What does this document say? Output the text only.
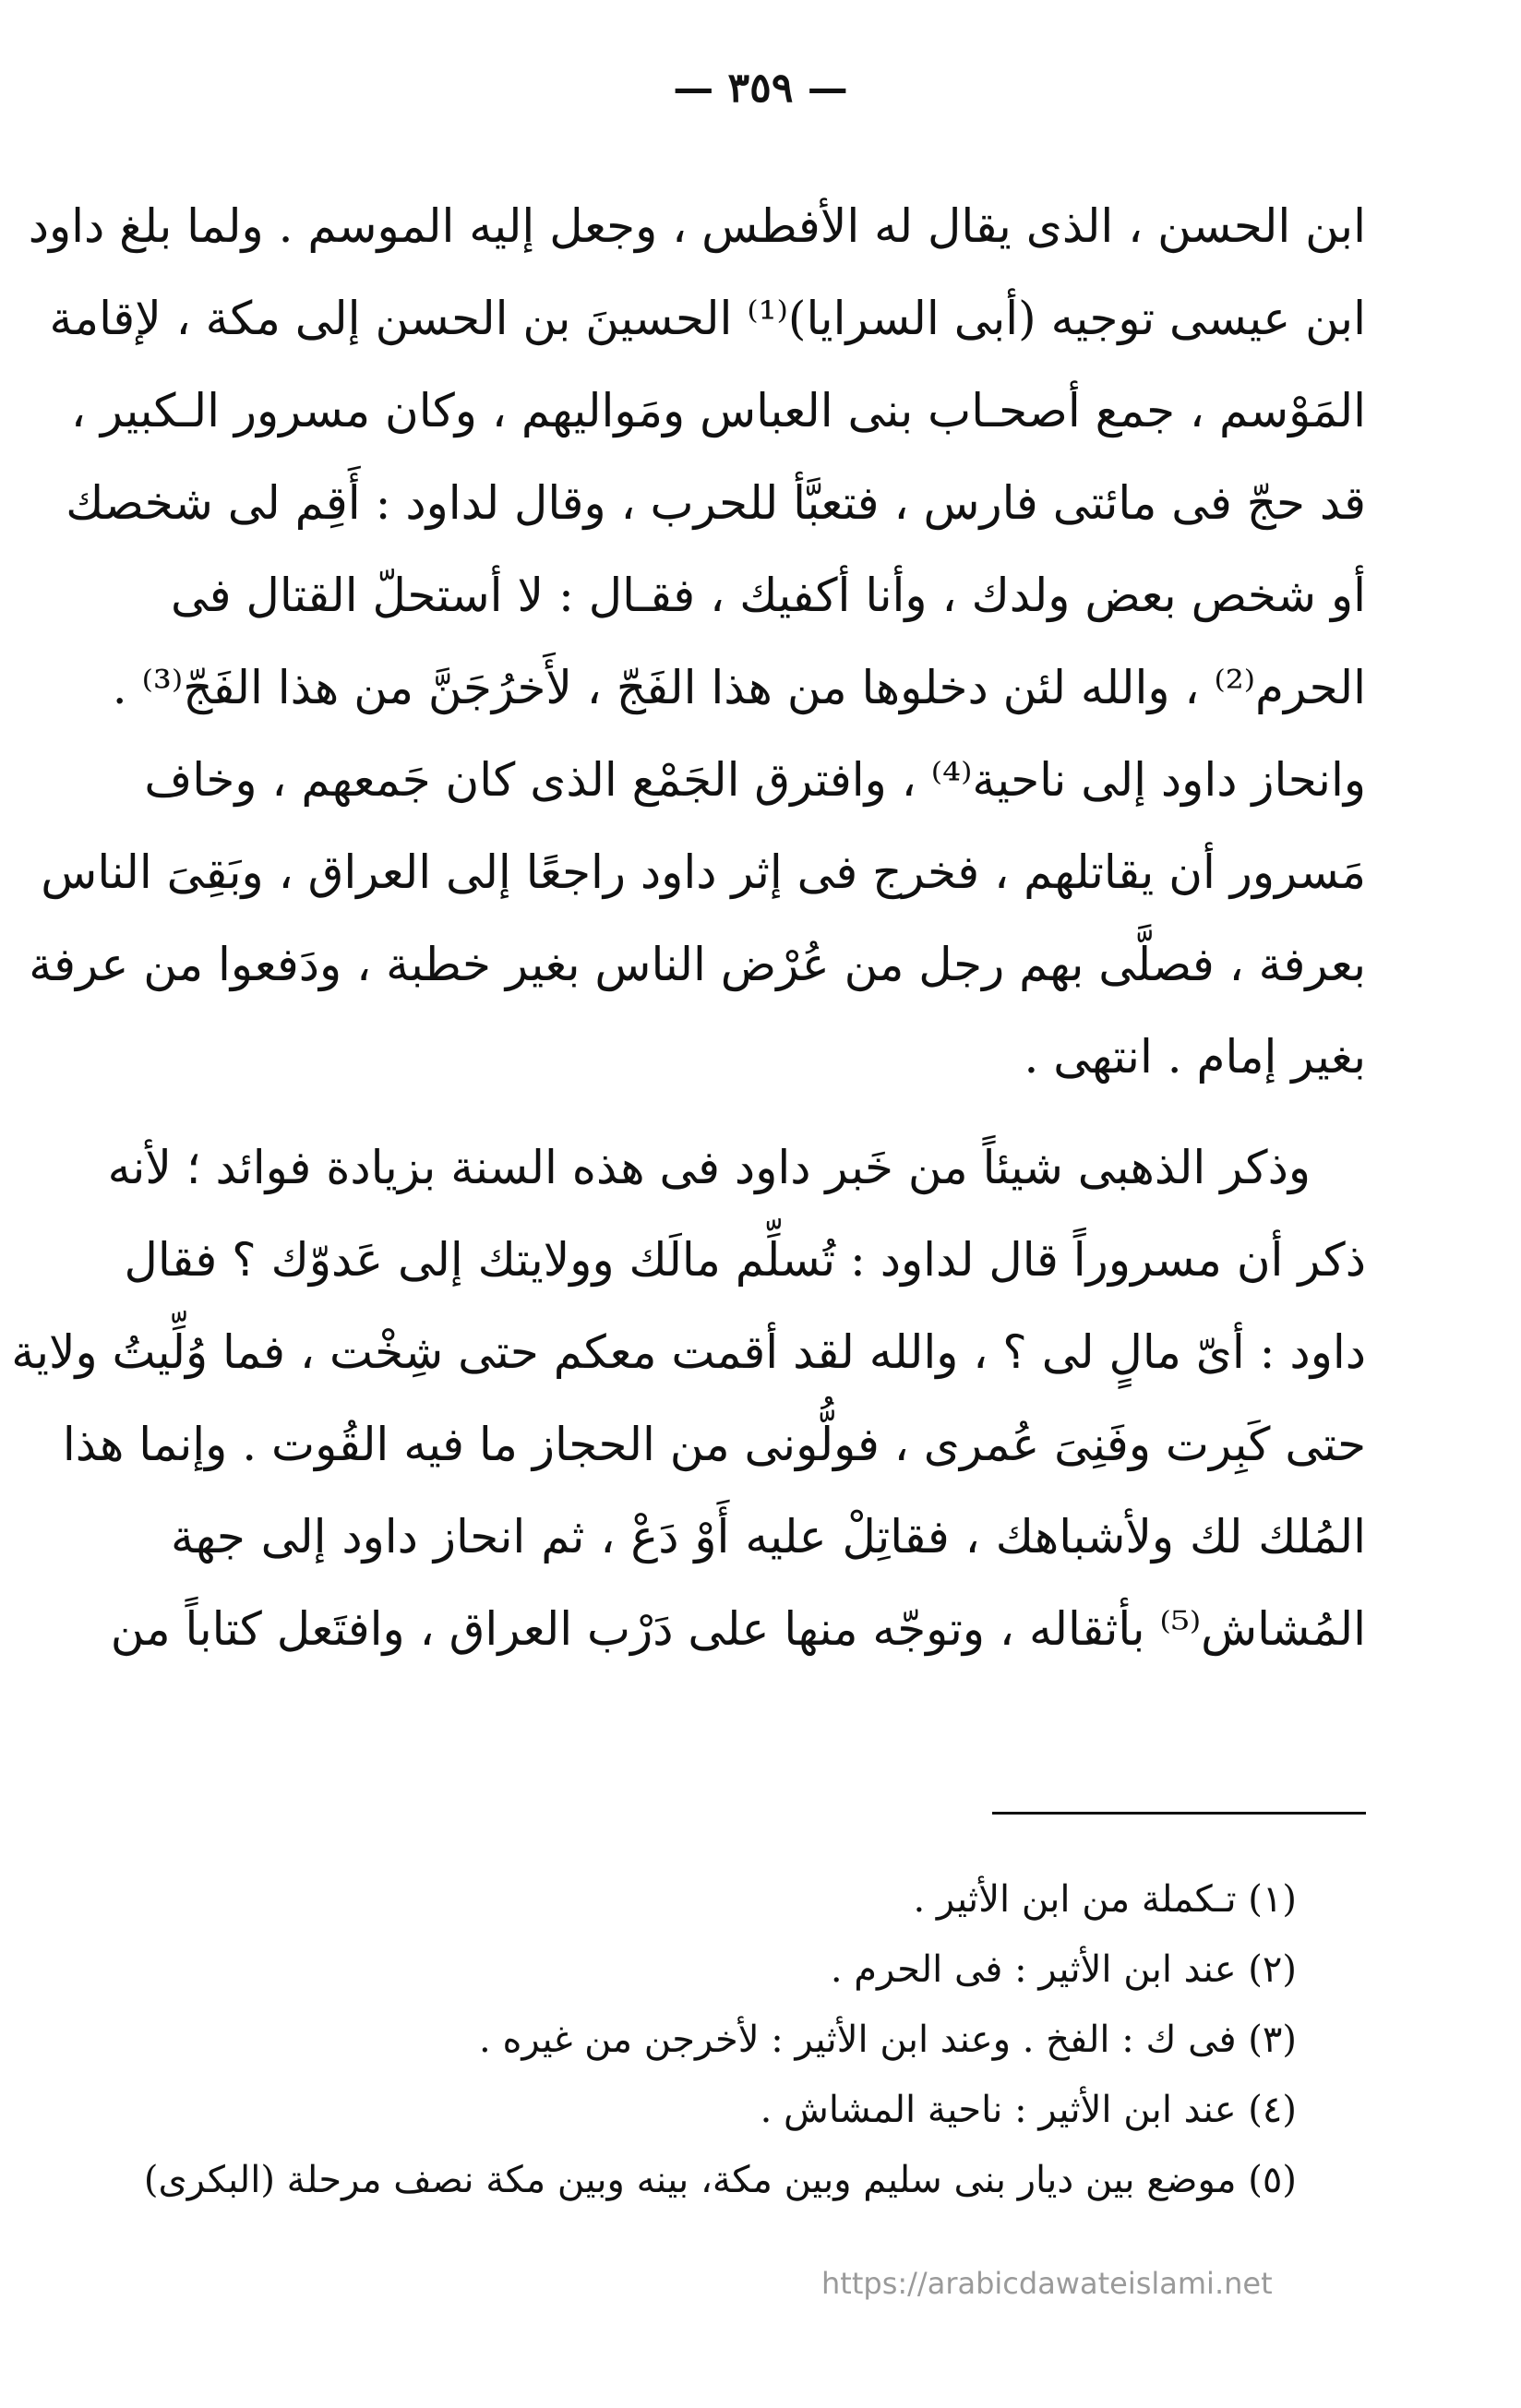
— ٣٥٩ —

ابن الحسن ، الذى يقال له الأفطس ، وجعل إليه الموسم . ولما بلغ داود
ابن عيسى توجيه (أبى السرايا)⁽¹⁾ الحسينَ بن الحسن إلى مكة ، لإقامة
المَوْسم ، جمع أصحـاب بنى العباس ومَواليهم ، وكان مسرور الـكبير ،
قد حجّ فى مائتى فارس ، فتعبَّأ للحرب ، وقال لداود : أَقِم لى شخصك
أو شخص بعض ولدك ، وأنا أكفيك ، فقـال : لا أستحلّ القتال فى
الحرم⁽²⁾ ، والله لئن دخلوها من هذا الفَجّ ، لأَخرُجَنَّ من هذا الفَجّ⁽³⁾ .
وانحاز داود إلى ناحية⁽⁴⁾ ، وافترق الجَمْع الذى كان جَمعهم ، وخاف
مَسرور أن يقاتلهم ، فخرج فى إثر داود راجعًا إلى العراق ، وبَقِىَ الناس
بعرفة ، فصلَّى بهم رجل من عُرْض الناس بغير خطبة ، ودَفعوا من عرفة
بغير إمام . انتهى .

وذكر الذهبى شيئاً من خَبر داود فى هذه السنة بزيادة فوائد ؛ لأنه
ذكر أن مسروراً قال لداود : تُسلِّم مالَك وولايتك إلى عَدوّك ؟ فقال
داود : أىّ مالٍ لى ؟ ، والله لقد أقمت معكم حتى شِخْت ، فما وُلِّيتُ ولاية
حتى كَبِرت وفَنِىَ عُمرى ، فولُّونى من الحجاز ما فيه القُوت . وإنما هذا
المُلك لك ولأشباهك ، فقاتِلْ عليه أَوْ دَعْ ، ثم انحاز داود إلى جهة
المُشاش⁽⁵⁾ بأثقاله ، وتوجّه منها على دَرْب العراق ، وافتَعل كتاباً من

(١) تـكملة من ابن الأثير .
(٢) عند ابن الأثير : فى الحرم .
(٣) فى ك : الفخ . وعند ابن الأثير : لأخرجن من غيره .
(٤) عند ابن الأثير : ناحية المشاش .
(٥) موضع بين ديار بنى سليم وبين مكة، بينه وبين مكة نصف مرحلة (البكرى)
https://arabicdawateislami.net
